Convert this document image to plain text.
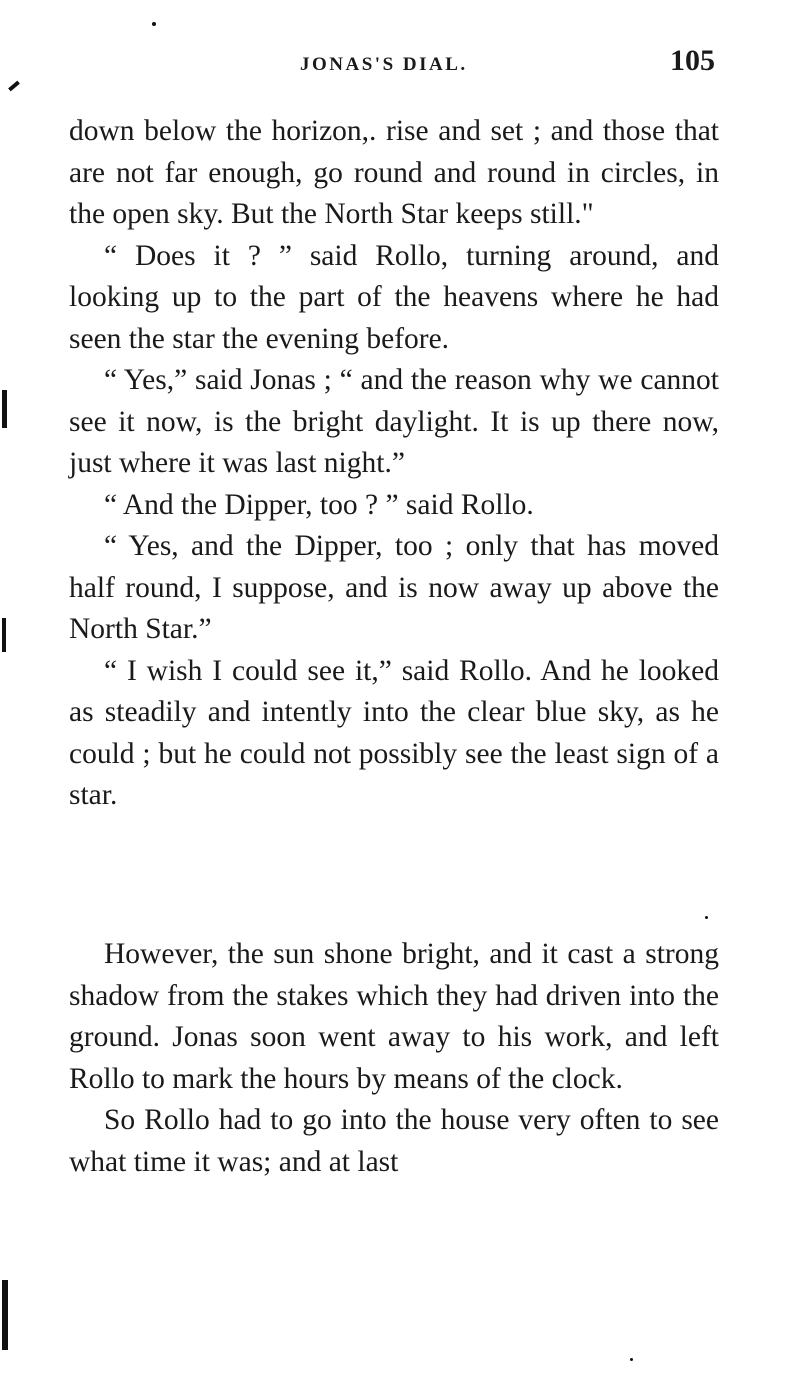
JONAS'S DIAL.	105

down below the horizon,. rise and set ; and those that are not far enough, go round and round in circles, in the open sky. But the North Star keeps still."

“ Does it ? ” said Rollo, turning around, and looking up to the part of the heavens where he had seen the star the evening before.

“ Yes,” said Jonas ; “ and the reason why we cannot see it now, is the bright daylight. It is up there now, just where it was last night.”

“ And the Dipper, too ? ” said Rollo.

“ Yes, and the Dipper, too ; only that has moved half round, I suppose, and is now away up above the North Star.”

“ I wish I could see it,” said Rollo. And he looked as steadily and intently into the clear blue sky, as he could ; but he could not possibly see the least sign of a star.

However, the sun shone bright, and it cast a strong shadow from the stakes which they had driven into the ground. Jonas soon went away to his work, and left Rollo to mark the hours by means of the clock.

So Rollo had to go into the house very often to see what time it was; and at last
